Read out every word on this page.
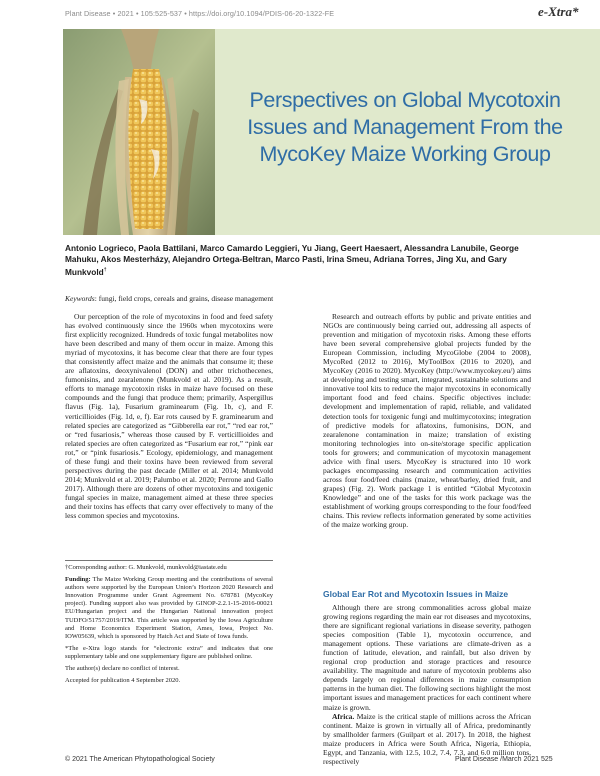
Plant Disease • 2021 • 105:525-537 • https://doi.org/10.1094/PDIS-06-20-1322-FE	e-Xtra*
Perspectives on Global Mycotoxin Issues and Management From the MycoKey Maize Working Group
Antonio Logrieco, Paola Battilani, Marco Camardo Leggieri, Yu Jiang, Geert Haesaert, Alessandra Lanubile, George Mahuku, Akos Mesterházy, Alejandro Ortega-Beltran, Marco Pasti, Irina Smeu, Adriana Torres, Jing Xu, and Gary Munkvold†
Keywords: fungi, field crops, cereals and grains, disease management

Our perception of the role of mycotoxins in food and feed safety has evolved continuously since the 1960s when mycotoxins were first explicitly recognized. Hundreds of toxic fungal metabolites now have been described and many of them occur in maize. Among this myriad of mycotoxins, it has become clear that there are four types that consistently affect maize and the animals that consume it; these are aflatoxins, deoxynivalenol (DON) and other trichothecenes, fumonisins, and zearalenone (Munkvold et al. 2019). As a result, efforts to manage mycotoxin risks in maize have focused on these compounds and the fungi that produce them; primarily, Aspergillus flavus (Fig. 1a), Fusarium graminearum (Fig. 1b, c), and F. verticillioides (Fig. 1d, e, f). Ear rots caused by F. graminearum and related species are categorized as “Gibberella ear rot,” “red ear rot,” or “red fusariosis,” whereas those caused by F. verticillioides and related species are often categorized as “Fusarium ear rot,” “pink ear rot,” or “pink fusariosis.” Ecology, epidemiology, and management of these fungi and their toxins have been reviewed from several perspectives during the past decade (Miller et al. 2014; Munkvold 2014; Munkvold et al. 2019; Palumbo et al. 2020; Perrone and Gallo 2017). Although there are dozens of other mycotoxins and toxigenic fungal species in maize, management aimed at these three species and their toxins has effects that carry over effectively to many of the less common species and mycotoxins.

Research and outreach efforts by public and private entities and NGOs are continuously being carried out, addressing all aspects of prevention and mitigation of mycotoxin risks. Among these efforts have been several comprehensive global projects funded by the European Commission, including MycoGlobe (2004 to 2008), MycoRed (2012 to 2016), MyToolBox (2016 to 2020), and MycoKey (2016 to 2020). MycoKey (http://www.mycokey.eu/) aims at developing and testing smart, integrated, sustainable solutions and innovative tool kits to reduce the major mycotoxins in economically important food and feed chains. Specific objectives include: development and implementation of rapid, reliable, and validated detection tools for toxigenic fungi and multimycotoxins; integration of predictive models for aflatoxins, fumonisins, DON, and zearalenone contamination in maize; translation of existing monitoring technologies into on-site/storage specific application tools for growers; and communication of mycotoxin management advice with final users. MycoKey is structured into 10 work packages encompassing research and communication activities across four food/feed chains (maize, wheat/barley, dried fruit, and grapes) (Fig. 2). Work package 1 is entitled “Global Mycotoxin Knowledge” and one of the tasks for this work package was the establishment of working groups corresponding to the four food/feed chains. This review reflects information generated by some activities of the maize working group.

†Corresponding author: G. Munkvold, munkvold@iastate.edu

Funding: The Maize Working Group meeting and the contributions of several authors were supported by the European Union’s Horizon 2020 Research and Innovation Programme under Grant Agreement No. 678781 (MycoKey project). Funding support also was provided by GINOP-2.2.1-15-2016-00021 EU/Hungarian project and the Hungarian National innovation project TUDFO/51757/2019/ITM. This article was supported by the Iowa Agriculture and Home Economics Experiment Station, Ames, Iowa, Project No. IOW05639, which is sponsored by Hatch Act and State of Iowa funds.

*The e-Xtra logo stands for “electronic extra” and indicates that one supplementary table and one supplementary figure are published online.

The author(s) declare no conflict of interest.

Accepted for publication 4 September 2020.

© 2021 The American Phytopathological Society
Global Ear Rot and Mycotoxin Issues in Maize

Although there are strong commonalities across global maize growing regions regarding the main ear rot diseases and mycotoxins, there are significant regional variations in disease severity, pathogen species composition (Table 1), mycotoxin occurrence, and management options. These variations are climate-driven as a function of latitude, elevation, and rainfall, but also driven by regional crop production and storage practices and resource availability. The magnitude and nature of mycotoxin problems also depends largely on regional differences in maize consumption patterns in the human diet. The following sections highlight the most important issues and management practices for each continent where maize is grown.

Africa. Maize is the critical staple of millions across the African continent. Maize is grown in virtually all of Africa, predominantly by smallholder farmers (Guilpart et al. 2017). In 2018, the highest maize producers in Africa were South Africa, Nigeria, Ethiopia, Egypt, and Tanzania, with 12.5, 10.2, 7.4, 7.3, and 6.0 million tons, respectively	Plant Disease /March 2021 525
